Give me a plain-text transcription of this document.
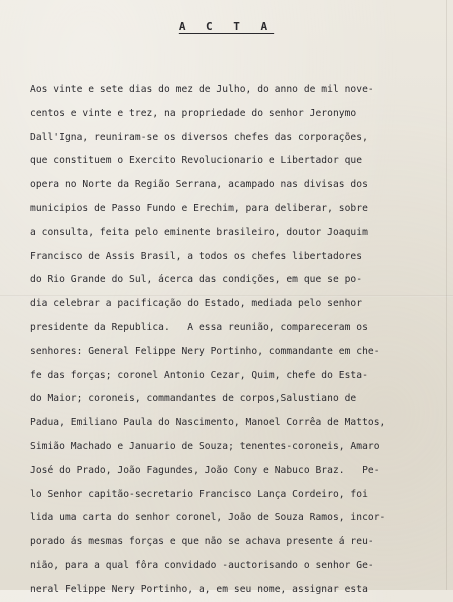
A C T A
Aos vinte e sete dias do mez de Julho, do anno de mil nove-
centos e vinte e trez, na propriedade do senhor Jeronymo
Dall'Igna, reuniram-se os diversos chefes das corporações,
que constituem o Exercito Revolucionario e Libertador que
opera no Norte da Região Serrana, acampado nas divisas dos
municipios de Passo Fundo e Erechim, para deliberar, sobre
a consulta, feita pelo eminente brasileiro, doutor Joaquim
Francisco de Assis Brasil, a todos os chefes libertadores
do Rio Grande do Sul, ácerca das condições, em que se po-
dia celebrar a pacificação do Estado, mediada pelo senhor
presidente da Republica.   A essa reunião, compareceram os
senhores: General Felippe Nery Portinho, commandante em che-
fe das forças; coronel Antonio Cezar, Quim, chefe do Esta-
do Maior; coroneis, commandantes de corpos,Salustiano de
Padua, Emiliano Paula do Nascimento, Manoel Corrêa de Mattos,
Simião Machado e Januario de Souza; tenentes-coroneis, Amaro
José do Prado, João Fagundes, João Cony e Nabuco Braz.   Pe-
lo Senhor capitão-secretario Francisco Lança Cordeiro, foi
lida uma carta do senhor coronel, João de Souza Ramos, incor-
porado ás mesmas forças e que não se achava presente á reu-
nião, para a qual fôra convidado -auctorisando o senhor Ge-
neral Felippe Nery Portinho, a, em seu nome, assignar esta
